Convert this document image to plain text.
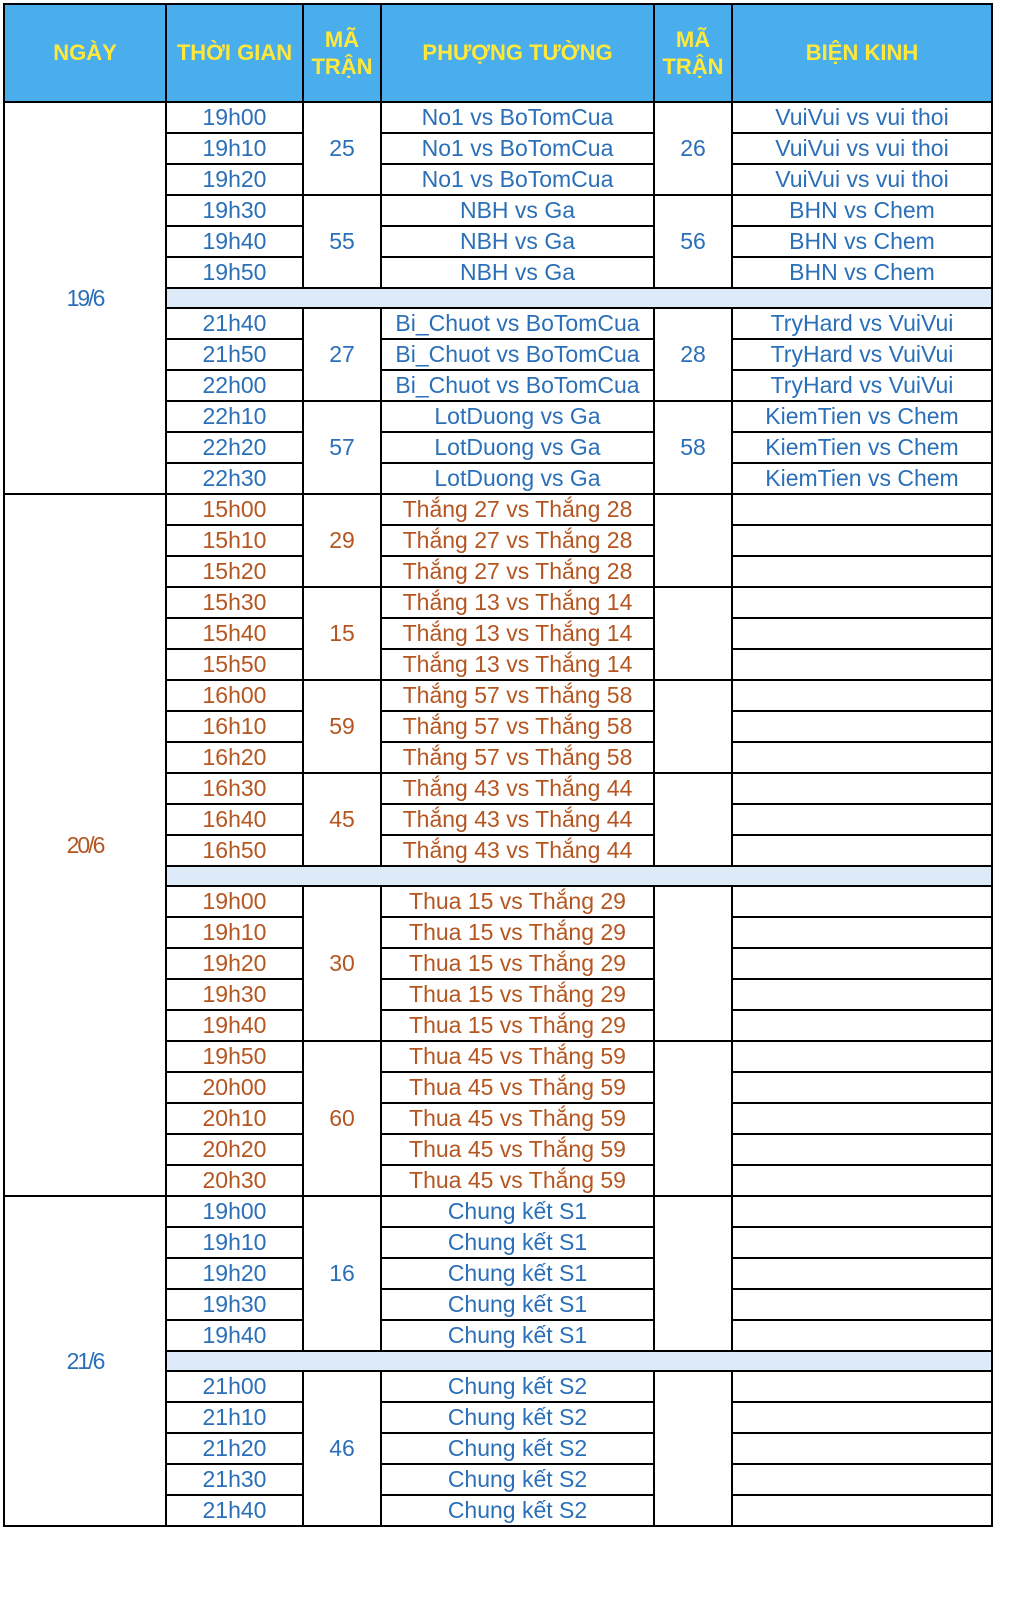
NGÀY	THỜI GIAN	MÃ TRẬN	PHƯỢNG TƯỜNG	MÃ TRẬN	BIỆN KINH
19/6	19h00	25	No1 vs BoTomCua	26	VuiVui vs vui thoi
	19h10		No1 vs BoTomCua		VuiVui vs vui thoi
	19h20		No1 vs BoTomCua		VuiVui vs vui thoi
	19h30	55	NBH vs Ga	56	BHN vs Chem
	19h40		NBH vs Ga		BHN vs Chem
	19h50		NBH vs Ga		BHN vs Chem

	21h40	27	Bi_Chuot vs BoTomCua	28	TryHard vs VuiVui
	21h50		Bi_Chuot vs BoTomCua		TryHard vs VuiVui
	22h00		Bi_Chuot vs BoTomCua		TryHard vs VuiVui
	22h10	57	LotDuong vs Ga	58	KiemTien vs Chem
	22h20		LotDuong vs Ga		KiemTien vs Chem
	22h30		LotDuong vs Ga		KiemTien vs Chem
20/6	15h00	29	Thắng 27 vs Thắng 28		
	15h10		Thắng 27 vs Thắng 28		
	15h20		Thắng 27 vs Thắng 28		
	15h30	15	Thắng 13 vs Thắng 14		
	15h40		Thắng 13 vs Thắng 14		
	15h50		Thắng 13 vs Thắng 14		
	16h00	59	Thắng 57 vs Thắng 58		
	16h10		Thắng 57 vs Thắng 58		
	16h20		Thắng 57 vs Thắng 58		
	16h30	45	Thắng 43 vs Thắng 44		
	16h40		Thắng 43 vs Thắng 44		
	16h50		Thắng 43 vs Thắng 44		

	19h00	30	Thua 15 vs Thắng 29		
	19h10		Thua 15 vs Thắng 29		
	19h20		Thua 15 vs Thắng 29		
	19h30		Thua 15 vs Thắng 29		
	19h40		Thua 15 vs Thắng 29		
	19h50	60	Thua 45 vs Thắng 59		
	20h00		Thua 45 vs Thắng 59		
	20h10		Thua 45 vs Thắng 59		
	20h20		Thua 45 vs Thắng 59		
	20h30		Thua 45 vs Thắng 59		
21/6	19h00	16	Chung kết S1		
	19h10		Chung kết S1		
	19h20		Chung kết S1		
	19h30		Chung kết S1		
	19h40		Chung kết S1		

	21h00	46	Chung kết S2		
	21h10		Chung kết S2		
	21h20		Chung kết S2		
	21h30		Chung kết S2		
	21h40		Chung kết S2		
